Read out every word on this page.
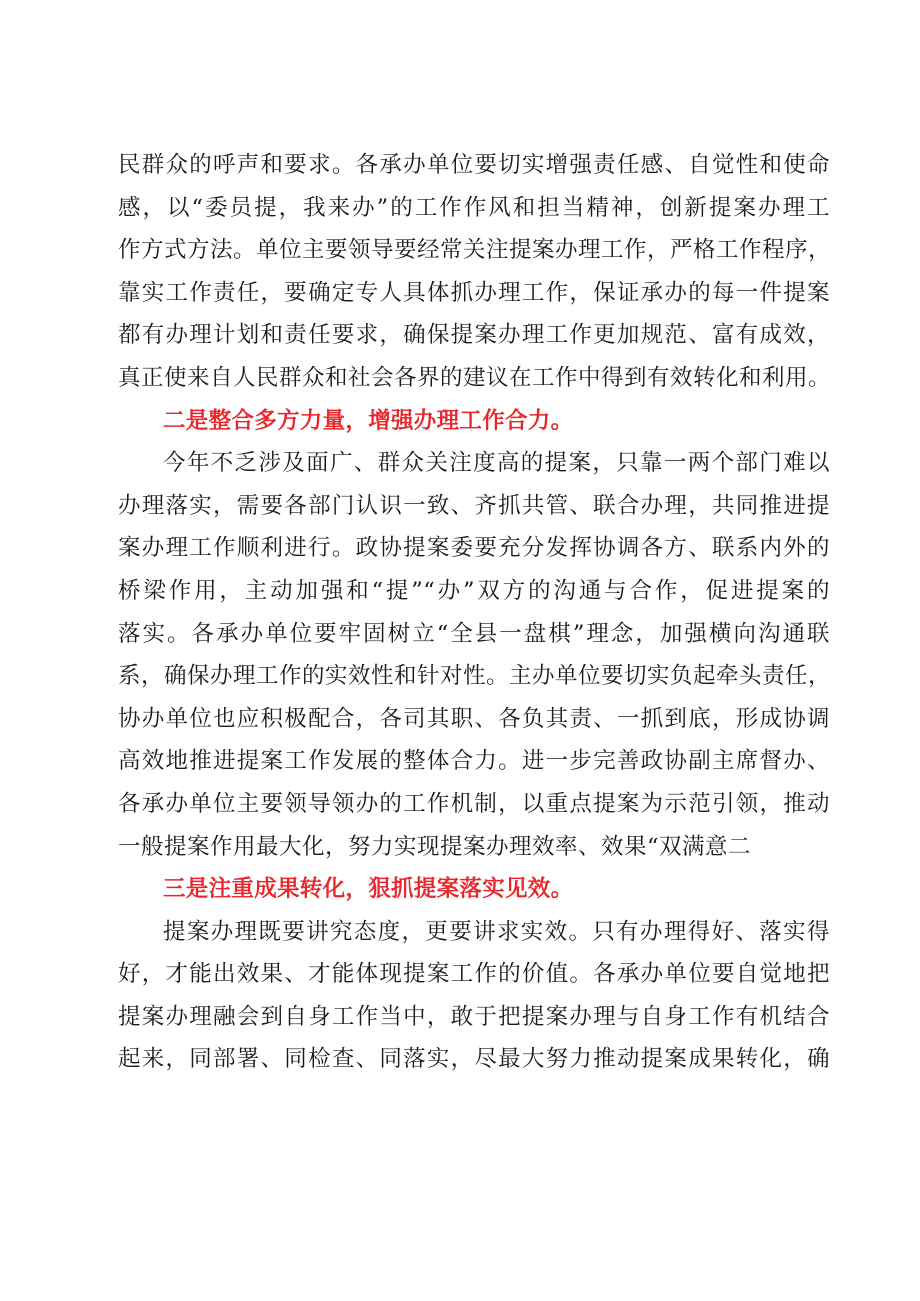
民群众的呼声和要求。各承办单位要切实增强责任感、自觉性和使命
感，以“委员提，我来办”的工作作风和担当精神，创新提案办理工
作方式方法。单位主要领导要经常关注提案办理工作，严格工作程序，
靠实工作责任，要确定专人具体抓办理工作，保证承办的每一件提案
都有办理计划和责任要求，确保提案办理工作更加规范、富有成效，
真正使来自人民群众和社会各界的建议在工作中得到有效转化和利用。
二是整合多方力量，增强办理工作合力。
今年不乏涉及面广、群众关注度高的提案，只靠一两个部门难以
办理落实，需要各部门认识一致、齐抓共管、联合办理，共同推进提
案办理工作顺利进行。政协提案委要充分发挥协调各方、联系内外的
桥梁作用，主动加强和“提”“办”双方的沟通与合作，促进提案的
落实。各承办单位要牢固树立“全县一盘棋”理念，加强横向沟通联
系，确保办理工作的实效性和针对性。主办单位要切实负起牵头责任，
协办单位也应积极配合，各司其职、各负其责、一抓到底，形成协调
高效地推进提案工作发展的整体合力。进一步完善政协副主席督办、
各承办单位主要领导领办的工作机制，以重点提案为示范引领，推动
一般提案作用最大化，努力实现提案办理效率、效果“双满意二
三是注重成果转化，狠抓提案落实见效。
提案办理既要讲究态度，更要讲求实效。只有办理得好、落实得
好，才能出效果、才能体现提案工作的价值。各承办单位要自觉地把
提案办理融会到自身工作当中，敢于把提案办理与自身工作有机结合
起来，同部署、同检查、同落实，尽最大努力推动提案成果转化，确
